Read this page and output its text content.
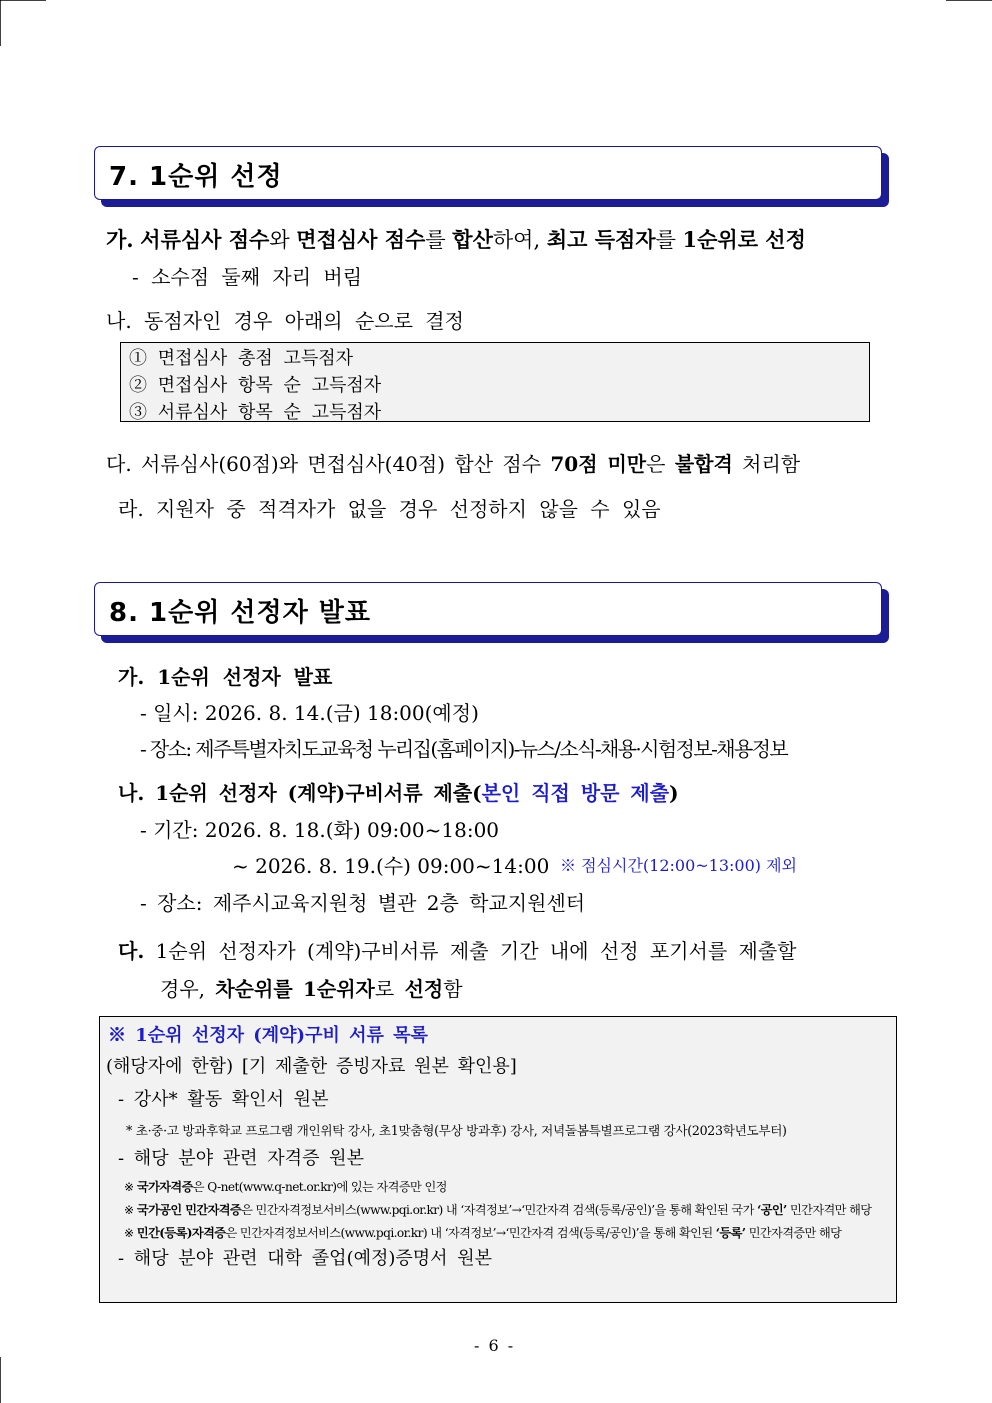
7. 1순위 선정
가. 서류심사 점수와 면접심사 점수를 합산하여, 최고 득점자를 1순위로 선정
- 소수점 둘째 자리 버림
나. 동점자인 경우 아래의 순으로 결정
① 면접심사 총점 고득점자
② 면접심사 항목 순 고득점자
③ 서류심사 항목 순 고득점자
다. 서류심사(60점)와 면접심사(40점) 합산 점수 70점 미만은 불합격 처리함
라. 지원자 중 적격자가 없을 경우 선정하지 않을 수 있음
8. 1순위 선정자 발표
가. 1순위 선정자 발표
- 일시: 2026. 8. 14.(금) 18:00(예정)
- 장소: 제주특별자치도교육청 누리집(홈페이지)-뉴스/소식-채용·시험정보-채용정보
나. 1순위 선정자 (계약)구비서류 제출(본인 직접 방문 제출)
- 기간: 2026. 8. 18.(화) 09:00~18:00
~ 2026. 8. 19.(수) 09:00~14:00 ※ 점심시간(12:00~13:00) 제외
- 장소: 제주시교육지원청 별관 2층 학교지원센터
다. 1순위 선정자가 (계약)구비서류 제출 기간 내에 선정 포기서를 제출할
경우, 차순위를 1순위자로 선정함
※ 1순위 선정자 (계약)구비 서류 목록
(해당자에 한함) [기 제출한 증빙자료 원본 확인용]
- 강사* 활동 확인서 원본
* 초·중·고 방과후학교 프로그램 개인위탁 강사, 초1맞춤형(무상 방과후) 강사, 저녁돌봄특별프로그램 강사(2023학년도부터)
- 해당 분야 관련 자격증 원본
※ 국가자격증은 Q-net(www.q-net.or.kr)에 있는 자격증만 인정
※ 국가공인 민간자격증은 민간자격정보서비스(www.pqi.or.kr) 내 ‘자격정보’→‘민간자격 검색(등록/공인)’을 통해 확인된 국가 ‘공인’ 민간자격만 해당
※ 민간(등록)자격증은 민간자격정보서비스(www.pqi.or.kr) 내 ‘자격정보’→‘민간자격 검색(등록/공인)’을 통해 확인된 ‘등록’ 민간자격증만 해당
- 해당 분야 관련 대학 졸업(예정)증명서 원본
- 6 -
